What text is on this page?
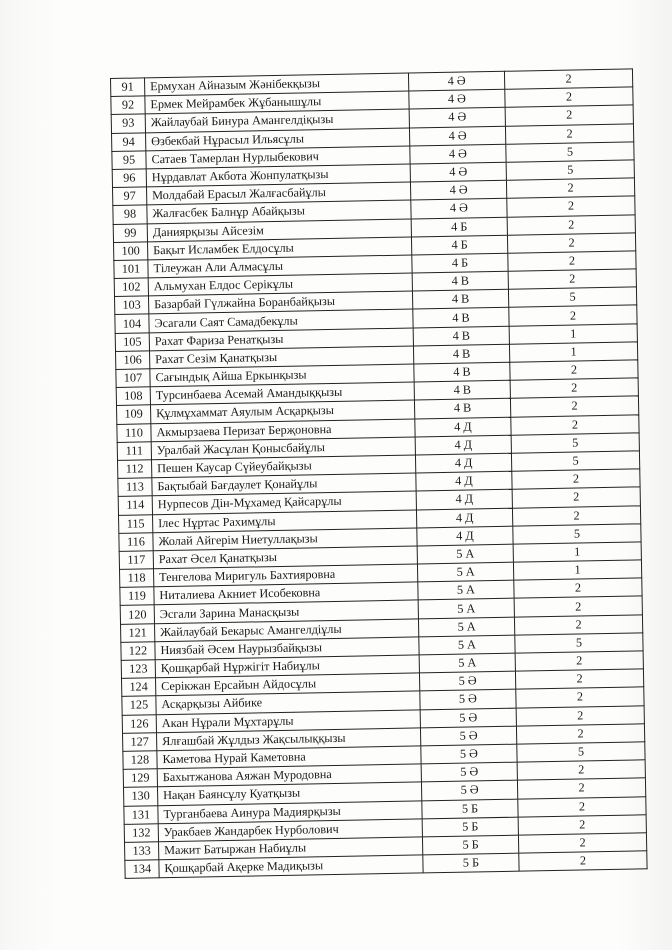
91	Ермухан Айназым Жәнібекқызы	4 Ә	2
92	Ермек Мейрамбек Жұбанышұлы	4 Ә	2
93	Жайлаубай Бинура Амангелдіқызы	4 Ә	2
94	Өзбекбай Нұрасыл Ильясұлы	4 Ә	2
95	Сатаев Тамерлан Нурлыбекович	4 Ә	5
96	Нұрдавлат Акбота Жонпулатқызы	4 Ә	5
97	Молдабай Ерасыл Жалғасбайұлы	4 Ә	2
98	Жалғасбек Балнұр Абайқызы	4 Ә	2
99	Даниярқызы Айсезім	4 Б	2
100	Бақыт Исламбек Елдосұлы	4 Б	2
101	Тілеужан Али Алмасұлы	4 Б	2
102	Альмухан Елдос Серікұлы	4 В	2
103	Базарбай Гүлжайна Боранбайқызы	4 В	5
104	Эсагали Саят Самадбекұлы	4 В	2
105	Рахат Фариза Ренатқызы	4 В	1
106	Рахат Сезім Қанатқызы	4 В	1
107	Сағындық Айша Еркынқызы	4 В	2
108	Турсинбаева Асемай Амандыққызы	4 В	2
109	Құлмұхаммат Аяулым Асқарқызы	4 В	2
110	Акмырзаева Перизат Берҗоновна	4 Д	2
111	Уралбай Жасұлан Қонысбайұлы	4 Д	5
112	Пешен Каусар Сүйеубайқызы	4 Д	5
113	Бақтыбай Бағдаулет Қонайұлы	4 Д	2
114	Нурпесов Дін-Мұхамед Қайсарұлы	4 Д	2
115	Ілес Нұртас Рахимұлы	4 Д	2
116	Жолай Айгерім Ниетуллақызы	4 Д	5
117	Рахат Әсел Қанатқызы	5 А	1
118	Тенгелова Миригуль Бахтияровна	5 А	1
119	Ниталиева Акниет Исобековна	5 А	2
120	Эсгали Зарина Манасқызы	5 А	2
121	Жайлаубай Бекарыс Амангелдіұлы	5 А	2
122	Ниязбай Әсем Наурызбайқызы	5 А	5
123	Қошқарбай Нұржігіт Набиұлы	5 А	2
124	Серікжан Ерсайын Айдосұлы	5 Ә	2
125	Асқарқызы Айбике	5 Ә	2
126	Акан Нұрали Мұхтарұлы	5 Ә	2
127	Ялғашбай Жұлдыз Жақсылыққызы	5 Ә	2
128	Каметова Нурай Каметовна	5 Ә	5
129	Бахытжанова Аяжан Муродовна	5 Ә	2
130	Нақан Баянсұлу Куатқызы	5 Ә	2
131	Турганбаева Аинура Мадиярқызы	5 Б	2
132	Уракбаев Жандарбек Нурболович	5 Б	2
133	Мажит Батыржан Набиұлы	5 Б	2
134	Қошқарбай Ақерке Мадиқызы	5 Б	2
